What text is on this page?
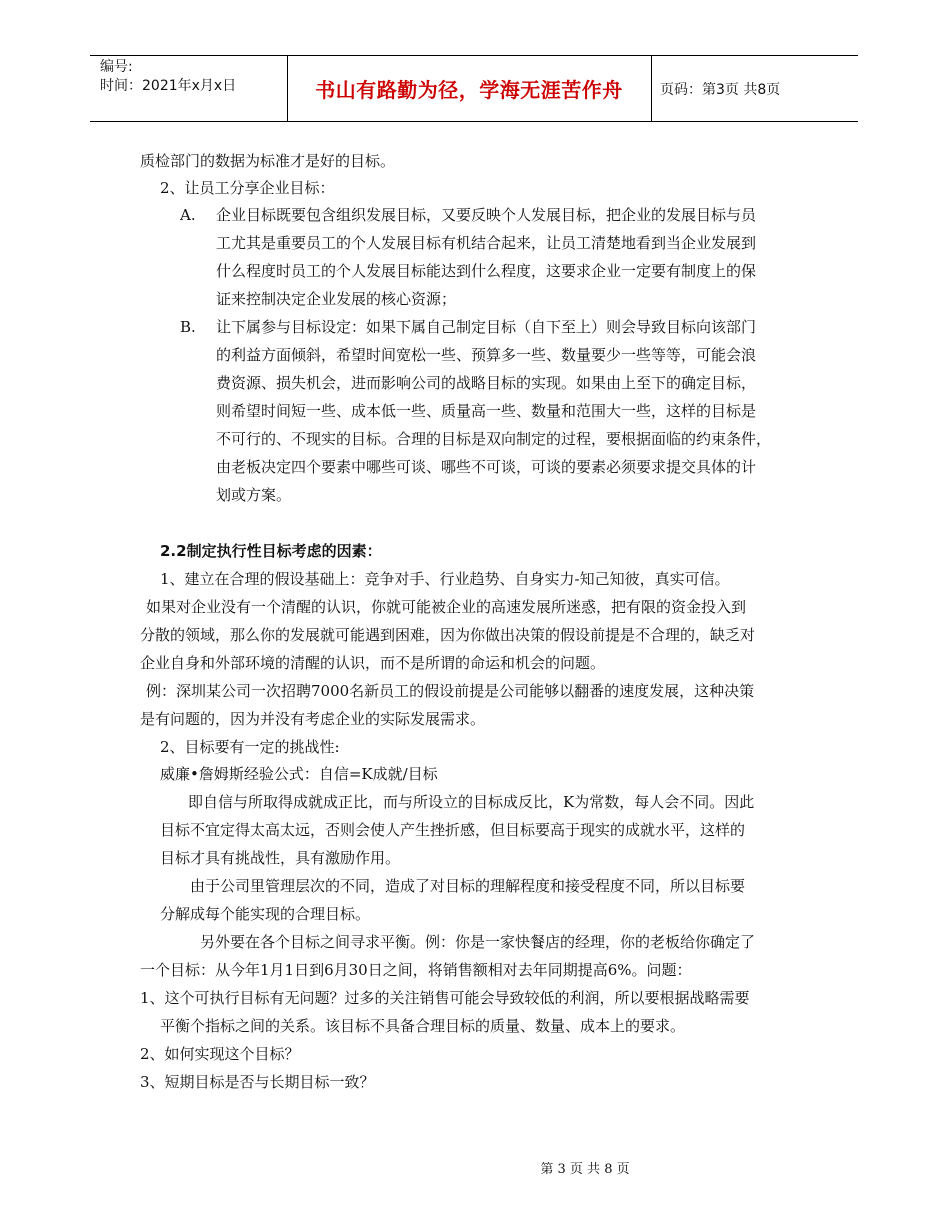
编号:
时间：2021年x月x日	书山有路勤为径，学海无涯苦作舟	页码：第3页 共8页
质检部门的数据为标准才是好的目标。
2、让员工分享企业目标：
A. 企业目标既要包含组织发展目标，又要反映个人发展目标，把企业的发展目标与员
工尤其是重要员工的个人发展目标有机结合起来，让员工清楚地看到当企业发展到
什么程度时员工的个人发展目标能达到什么程度，这要求企业一定要有制度上的保
证来控制决定企业发展的核心资源；
B. 让下属参与目标设定：如果下属自己制定目标（自下至上）则会导致目标向该部门
的利益方面倾斜，希望时间宽松一些、预算多一些、数量要少一些等等，可能会浪
费资源、损失机会，进而影响公司的战略目标的实现。如果由上至下的确定目标，
则希望时间短一些、成本低一些、质量高一些、数量和范围大一些，这样的目标是
不可行的、不现实的目标。合理的目标是双向制定的过程，要根据面临的约束条件，
由老板决定四个要素中哪些可谈、哪些不可谈，可谈的要素必须要求提交具体的计
划或方案。
2.2制定执行性目标考虑的因素：
1、建立在合理的假设基础上：竞争对手、行业趋势、自身实力-知己知彼，真实可信。
如果对企业没有一个清醒的认识，你就可能被企业的高速发展所迷惑，把有限的资金投入到
分散的领域，那么你的发展就可能遇到困难，因为你做出决策的假设前提是不合理的，缺乏对
企业自身和外部环境的清醒的认识，而不是所谓的命运和机会的问题。
例：深圳某公司一次招聘7000名新员工的假设前提是公司能够以翻番的速度发展，这种决策
是有问题的，因为并没有考虑企业的实际发展需求。
2、目标要有一定的挑战性:
威廉•詹姆斯经验公式：自信=K成就/目标
即自信与所取得成就成正比，而与所设立的目标成反比，K为常数，每人会不同。因此
目标不宜定得太高太远，否则会使人产生挫折感，但目标要高于现实的成就水平，这样的
目标才具有挑战性，具有激励作用。
由于公司里管理层次的不同，造成了对目标的理解程度和接受程度不同，所以目标要
分解成每个能实现的合理目标。
另外要在各个目标之间寻求平衡。例：你是一家快餐店的经理，你的老板给你确定了
一个目标：从今年1月1日到6月30日之间，将销售额相对去年同期提高6%。问题：
1、这个可执行目标有无问题？过多的关注销售可能会导致较低的利润，所以要根据战略需要
平衡个指标之间的关系。该目标不具备合理目标的质量、数量、成本上的要求。
2、如何实现这个目标？
3、短期目标是否与长期目标一致？
第 3 页 共 8 页
